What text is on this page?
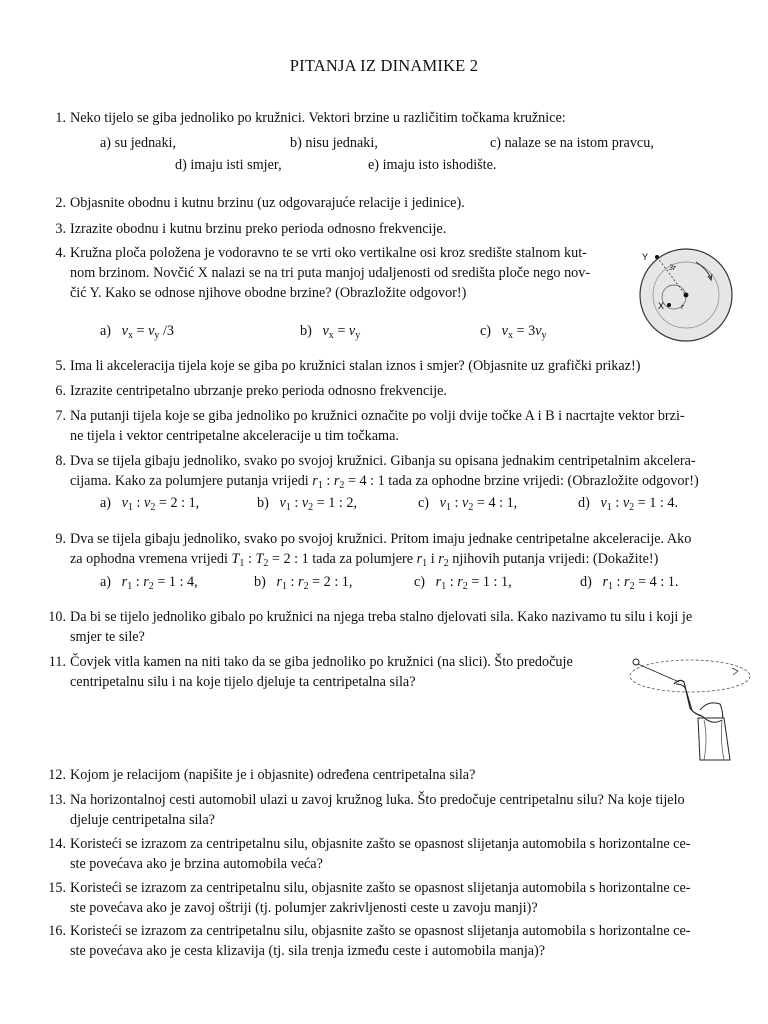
PITANJA IZ DINAMIKE 2
1. Neko tijelo se giba jednoliko po kružnici. Vektori brzine u različitim točkama kružnice:
a) su jednaki,	b) nisu jednaki,	c) nalaze se na istom pravcu,
d) imaju isti smjer,	e) imaju isto ishodište.
2. Objasnite obodnu i kutnu brzinu (uz odgovarajuće relacije i jedinice).
3. Izrazite obodnu i kutnu brzinu preko perioda odnosno frekvencije.
4. Kružna ploča položena je vodoravno te se vrti oko vertikalne osi kroz središte stalnom kut-
nom brzinom. Novčić X nalazi se na tri puta manjoj udaljenosti od središta ploče nego nov-
čić Y. Kako se odnose njihove obodne brzine? (Obrazložite odgovor!)
a) $v_x = v_y$ /3	b) $v_x = v_y$	c) $v_x = 3v_y$
Y
X
3r
r
5. Ima li akceleracija tijela koje se giba po kružnici stalan iznos i smjer? (Objasnite uz grafički prikaz!)
6. Izrazite centripetalno ubrzanje preko perioda odnosno frekvencije.
7. Na putanji tijela koje se giba jednoliko po kružnici označite po volji dvije točke A i B i nacrtajte vektor brzi-
ne tijela i vektor centripetalne akceleracije u tim točkama.
8. Dva se tijela gibaju jednoliko, svako po svojoj kružnici. Gibanja su opisana jednakim centripetalnim akcelera-
cijama. Kako za polumjere putanja vrijedi $r_1$ : $r_2 = 4$ : 1 tada za ophodne brzine vrijedi: (Obrazložite odgovor!)
a) $v_1$ : $v_2 = 2$ : 1,	b) $v_1$ : $v_2 = 1$ : 2,	c) $v_1$ : $v_2 = 4$ : 1,	d) $v_1$ : $v_2 = 1$ : 4.
9. Dva se tijela gibaju jednoliko, svako po svojoj kružnici. Pritom imaju jednake centripetalne akceleracije. Ako
za ophodna vremena vrijedi $T_1$ : $T_2 = 2$ : 1 tada za polumjere $r_1$ i $r_2$ njihovih putanja vrijedi: (Dokažite!)
a) $r_1$ : $r_2 = 1$ : 4,	b) $r_1$ : $r_2 = 2$ : 1,	c) $r_1$ : $r_2 = 1$ : 1,	d) $r_1$ : $r_2 = 4$ : 1.
10. Da bi se tijelo jednoliko gibalo po kružnici na njega treba stalno djelovati sila. Kako nazivamo tu silu i koji je
smjer te sile?
11. Čovjek vitla kamen na niti tako da se giba jednoliko po kružnici (na slici). Što predočuje
centripetalnu silu i na koje tijelo djeluje ta centripetalna sila?
12. Kojom je relacijom (napišite je i objasnite) određena centripetalna sila?
13. Na horizontalnoj cesti automobil ulazi u zavoj kružnog luka. Što predočuje centripetalnu silu? Na koje tijelo
djeluje centripetalna sila?
14. Koristeći se izrazom za centripetalnu silu, objasnite zašto se opasnost slijetanja automobila s horizontalne ce-
ste povećava ako je brzina automobila veća?
15. Koristeći se izrazom za centripetalnu silu, objasnite zašto se opasnost slijetanja automobila s horizontalne ce-
ste povećava ako je zavoj oštriji (tj. polumjer zakrivljenosti ceste u zavoju manji)?
16. Koristeći se izrazom za centripetalnu silu, objasnite zašto se opasnost slijetanja automobila s horizontalne ce-
ste povećava ako je cesta klizavija (tj. sila trenja između ceste i automobila manja)?
